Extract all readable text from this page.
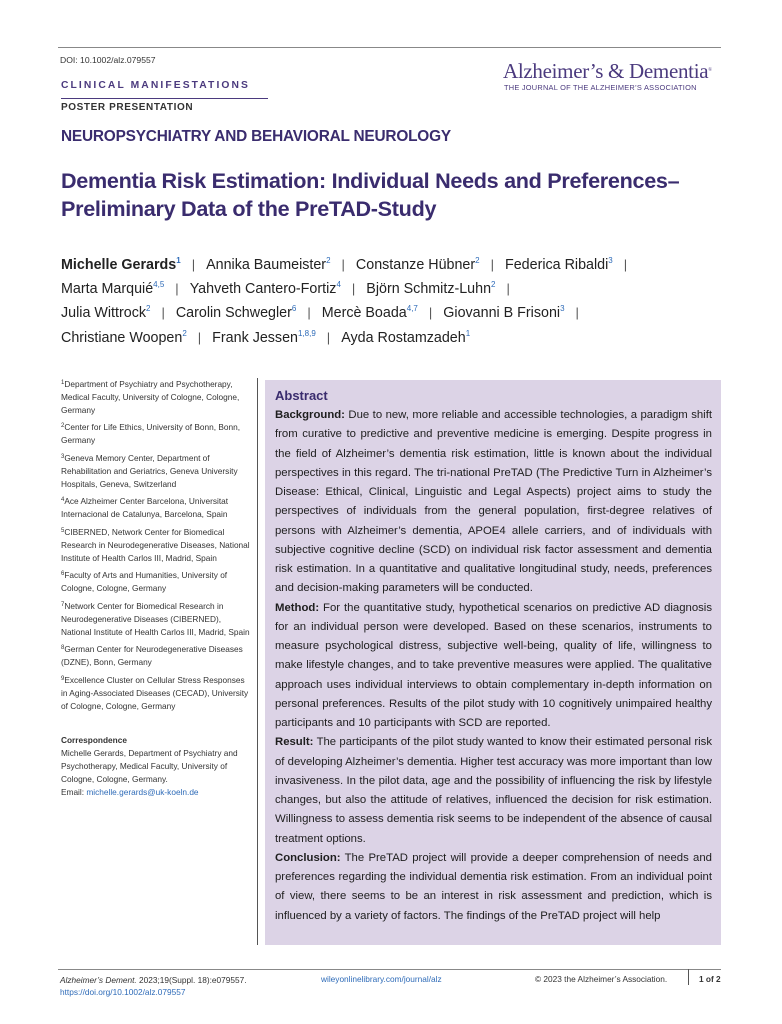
DOI: 10.1002/alz.079557
CLINICAL MANIFESTATIONS
POSTER PRESENTATION
Alzheimer’s & Dementia®
THE JOURNAL OF THE ALZHEIMER’S ASSOCIATION
NEUROPSYCHIATRY AND BEHAVIORAL NEUROLOGY
Dementia Risk Estimation: Individual Needs and Preferences–Preliminary Data of the PreTAD-Study
Michelle Gerards$^1$ | Annika Baumeister$^2$ | Constanze Hübner$^2$ | Federica Ribaldi$^3$ |
Marta Marquié$^{4,5}$ | Yahveth Cantero-Fortiz$^4$ | Björn Schmitz-Luhn$^2$ |
Julia Wittrock$^2$ | Carolin Schwegler$^6$ | Mercè Boada$^{4,7}$ | Giovanni B Frisoni$^3$ |
Christiane Woopen$^2$ | Frank Jessen$^{1,8,9}$ | Ayda Rostamzadeh$^1$
$^1$Department of Psychiatry and Psychotherapy, Medical Faculty, University of Cologne, Cologne, Germany
$^2$Center for Life Ethics, University of Bonn, Bonn, Germany
$^3$Geneva Memory Center, Department of Rehabilitation and Geriatrics, Geneva University Hospitals, Geneva, Switzerland
$^4$Ace Alzheimer Center Barcelona, Universitat Internacional de Catalunya, Barcelona, Spain
$^5$CIBERNED, Network Center for Biomedical Research in Neurodegenerative Diseases, National Institute of Health Carlos III, Madrid, Spain
$^6$Faculty of Arts and Humanities, University of Cologne, Cologne, Germany
$^7$Network Center for Biomedical Research in Neurodegenerative Diseases (CIBERNED), National Institute of Health Carlos III, Madrid, Spain
$^8$German Center for Neurodegenerative Diseases (DZNE), Bonn, Germany
$^9$Excellence Cluster on Cellular Stress Responses in Aging-Associated Diseases (CECAD), University of Cologne, Cologne, Germany
Correspondence
Michelle Gerards, Department of Psychiatry and Psychotherapy, Medical Faculty, University of Cologne, Cologne, Germany.
Email: michelle.gerards@uk-koeln.de
Abstract

Background: Due to new, more reliable and accessible technologies, a paradigm shift from curative to predictive and preventive medicine is emerging. Despite progress in the field of Alzheimer’s dementia risk estimation, little is known about the individual perspectives in this regard. The tri-national PreTAD (The Predictive Turn in Alzheimer’s Disease: Ethical, Clinical, Linguistic and Legal Aspects) project aims to study the perspectives of individuals from the general population, first-degree relatives of persons with Alzheimer’s dementia, APOE4 allele carriers, and of individuals with subjective cognitive decline (SCD) on individual risk factor assessment and dementia risk estimation. In a quantitative and qualitative longitudinal study, needs, preferences and decision-making parameters will be conducted.

Method: For the quantitative study, hypothetical scenarios on predictive AD diagnosis for an individual person were developed. Based on these scenarios, instruments to measure psychological distress, subjective well-being, quality of life, willingness to make lifestyle changes, and to take preventive measures were applied. The qualitative approach uses individual interviews to obtain complementary in-depth information on personal preferences. Results of the pilot study with 10 cognitively unimpaired healthy participants and 10 participants with SCD are reported.

Result: The participants of the pilot study wanted to know their estimated personal risk of developing Alzheimer’s dementia. Higher test accuracy was more important than low invasiveness. In the pilot data, age and the possibility of influencing the risk by lifestyle changes, but also the attitude of relatives, influenced the decision for risk estimation. Willingness to assess dementia risk seems to be independent of the absence of causal treatment options.

Conclusion: The PreTAD project will provide a deeper comprehension of needs and preferences regarding the individual dementia risk estimation. From an individual point of view, there seems to be an interest in risk assessment and prediction, which is influenced by a variety of factors. The findings of the PreTAD project will help

Alzheimer’s Dement. 2023;19(Suppl. 18):e079557.
https://doi.org/10.1002/alz.079557
wileyonlinelibrary.com/journal/alz	© 2023 the Alzheimer’s Association.	1 of 2
